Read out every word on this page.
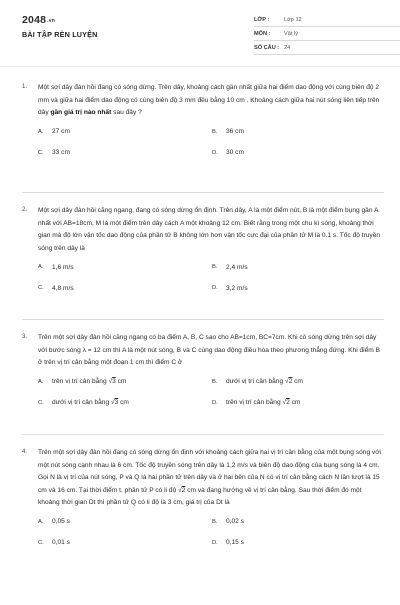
$2048^{.vn}$
BÀI TẬP RÈN LUYỆN
LỚP :	Lớp 12
MÔN :	Vật lý
SỐ CÂU : 24
1. Một sợi dây đàn hồi đang có sóng dừng. Trên dây, khoảng cách gần nhất giữa hai điểm dao động với cùng biên độ 2 mm và giữa hai điểm dao động có cùng biên độ 3 mm đều bằng 10 cm . Khoảng cách giữa hai nút sóng liên tiếp trên dây gần giá trị nào nhất sau đây ?
A.	27 cm	B.	36 cm
C.	33 cm	D.	30 cm
2. Một sợi dây đàn hồi căng ngang, đang có sóng dừng ổn định. Trên dây, A là một điểm nút, B là một điểm bụng gần A nhất với AB=18cm, M là một điểm trên dây cách A một khoảng 12 cm. Biết rằng trong một chu kì sóng, khoảng thời gian mà độ lớn vận tốc dao động của phần tử B không lớn hơn vận tốc cực đại của phần tử M là 0,1 s. Tốc độ truyền sóng trên dây là
A.	1,6 m/s	B.	2,4 m/s
C.	4,8 m/s	D.	3,2 m/s
3. Trên một sợi dây đàn hồi căng ngang có ba điểm A, B, C sao cho AB=1cm, BC=7cm. Khi có sóng dừng trên sợi dây với bước sóng λ = 12 cm thì A là một nút sóng, B và C cùng dao động điều hòa theo phương thẳng đứng. Khi điểm B ở trên vị trí cân bằng một đoạn 1 cm thì điểm C ở
A.	trên vị trí cân bằng √3 cm	B.	dưới vị trí cân bằng √2 cm
C.	dưới vị trí cân bằng √3 cm	D.	trên vị trí cân bằng √2 cm
4. Trên một sợi dây đàn hồi đang có sóng dừng ổn định với khoảng cách giữa hai vị trí cân bằng của một bụng sóng với một nút sóng cạnh nhau là 6 cm. Tốc độ truyền sóng trên dây là 1,2 m/s và biên độ dao động của bụng sóng là 4 cm. Gọi N là vị trí của nút sóng, P và Q là hai phần tử trên dây và ở hai bên của N có vị trí cân bằng cách N lần lượt là 15 cm và 16 cm. Tại thời điểm t, phần tử P có li độ √2 cm và đang hướng về vị trí cân bằng. Sau thời điểm đó một khoảng thời gian Dt thì phần tử Q có li độ là 3 cm, giá trị của Dt là
A.	0,05 s	B.	0,02 s
C.	0,01 s	D.	0,15 s
